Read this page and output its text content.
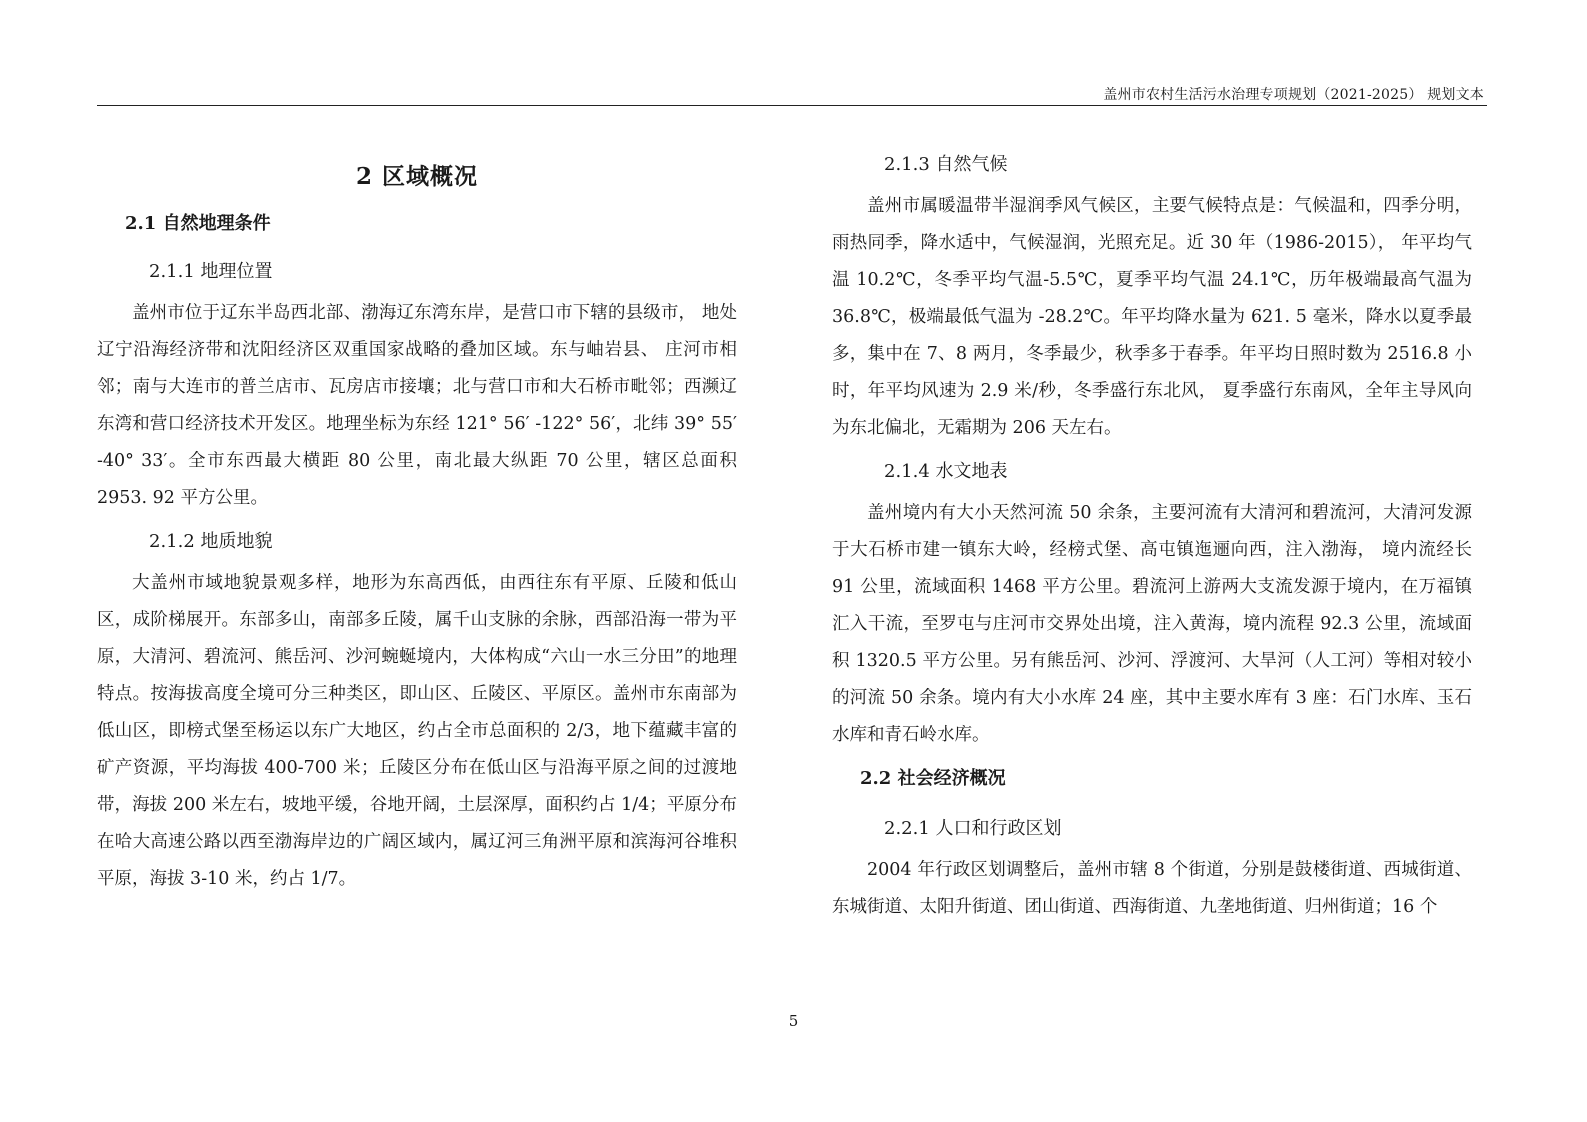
盖州市农村生活污水治理专项规划（2021-2025） 规划文本
2 区域概况
2.1 自然地理条件
2.1.1 地理位置

盖州市位于辽东半岛西北部、渤海辽东湾东岸，是营口市下辖的县级市， 地处辽宁沿海经济带和沈阳经济区双重国家战略的叠加区域。东与岫岩县、 庄河市相邻；南与大连市的普兰店市、瓦房店市接壤；北与营口市和大石桥市毗邻；西濒辽东湾和营口经济技术开发区。地理坐标为东经 121° 56′ -122° 56′，北纬 39° 55′ -40° 33′。全市东西最大横距 80 公里，南北最大纵距 70 公里，辖区总面积 2953. 92 平方公里。

2.1.2 地质地貌

大盖州市域地貌景观多样，地形为东高西低，由西往东有平原、丘陵和低山区，成阶梯展开。东部多山，南部多丘陵，属千山支脉的余脉，西部沿海一带为平原，大清河、碧流河、熊岳河、沙河蜿蜒境内，大体构成“六山一水三分田”的地理特点。按海拔高度全境可分三种类区，即山区、丘陵区、平原区。盖州市东南部为低山区，即榜式堡至杨运以东广大地区，约占全市总面积的 2/3，地下蕴藏丰富的矿产资源，平均海拔 400-700 米；丘陵区分布在低山区与沿海平原之间的过渡地带，海拔 200 米左右，坡地平缓，谷地开阔，土层深厚，面积约占 1/4；平原分布在哈大高速公路以西至渤海岸边的广阔区域内，属辽河三角洲平原和滨海河谷堆积平原，海拔 3-10 米，约占 1/7。

2.1.3 自然气候

盖州市属暖温带半湿润季风气候区，主要气候特点是：气候温和，四季分明，雨热同季，降水适中，气候湿润，光照充足。近 30 年（1986-2015）， 年平均气温 10.2℃，冬季平均气温-5.5℃，夏季平均气温 24.1℃，历年极端最高气温为 36.8℃，极端最低气温为 -28.2℃。年平均降水量为 621. 5 毫米，降水以夏季最多，集中在 7、8 两月，冬季最少，秋季多于春季。年平均日照时数为 2516.8 小时，年平均风速为 2.9 米/秒，冬季盛行东北风， 夏季盛行东南风，全年主导风向为东北偏北，无霜期为 206 天左右。

2.1.4 水文地表

盖州境内有大小天然河流 50 余条，主要河流有大清河和碧流河，大清河发源于大石桥市建一镇东大岭，经榜式堡、高屯镇迤逦向西，注入渤海， 境内流经长 91 公里，流域面积 1468 平方公里。碧流河上游两大支流发源于境内，在万福镇汇入干流，至罗屯与庄河市交界处出境，注入黄海，境内流程 92.3 公里，流域面积 1320.5 平方公里。另有熊岳河、沙河、浮渡河、大旱河（人工河）等相对较小的河流 50 余条。境内有大小水库 24 座，其中主要水库有 3 座：石门水库、玉石水库和青石岭水库。

2.2 社会经济概况
2.2.1 人口和行政区划

2004 年行政区划调整后，盖州市辖 8 个街道，分别是鼓楼街道、西城街道、东城街道、太阳升街道、团山街道、西海街道、九垄地街道、归州街道；16 个

5
